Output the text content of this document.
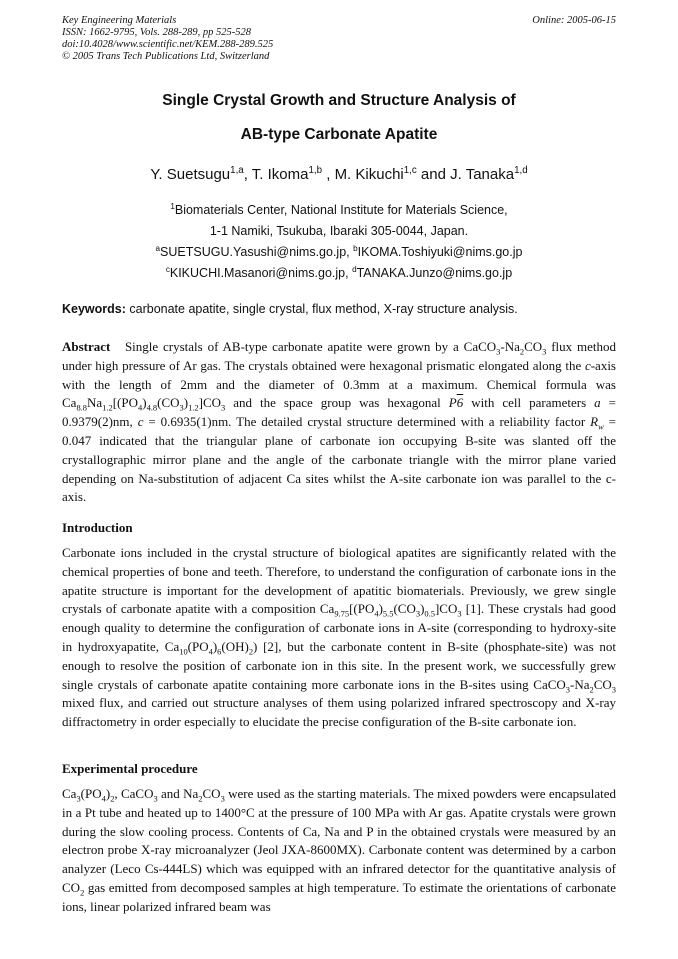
Key Engineering Materials
ISSN: 1662-9795, Vols. 288-289, pp 525-528
doi:10.4028/www.scientific.net/KEM.288-289.525
© 2005 Trans Tech Publications Ltd, Switzerland
Online: 2005-06-15
Single Crystal Growth and Structure Analysis of
AB-type Carbonate Apatite
Y. Suetsugu$^{1,a}$, T. Ikoma$^{1,b}$ , M. Kikuchi$^{1,c}$ and J. Tanaka$^{1,d}$
$^1$Biomaterials Center, National Institute for Materials Science,
1-1 Namiki, Tsukuba, Ibaraki 305-0044, Japan.
$^a$SUETSUGU.Yasushi@nims.go.jp, $^b$IKOMA.Toshiyuki@nims.go.jp
$^c$KIKUCHI.Masanori@nims.go.jp, $^d$TANAKA.Junzo@nims.go.jp
Keywords: carbonate apatite, single crystal, flux method, X-ray structure analysis.
Abstract Single crystals of AB-type carbonate apatite were grown by a $CaCO_3-Na_2CO_3$ flux method under high pressure of Ar gas. The crystals obtained were hexagonal prismatic elongated along the c-axis with the length of 2mm and the diameter of 0.3mm at a maximum. Chemical formula was $Ca_{8.8}Na_{1.2}[(PO_4)_{4.8}(CO_3)_{1.2}]CO_3$ and the space group was hexagonal P6 with cell parameters a = 0.9379(2)nm, c = 0.6935(1)nm. The detailed crystal structure determined with a reliability factor $R_w = 0.047$ indicated that the triangular plane of carbonate ion occupying B-site was slanted off the crystallographic mirror plane and the angle of the carbonate triangle with the mirror plane varied depending on Na-substitution of adjacent Ca sites whilst the A-site carbonate ion was parallel to the c-axis.
Introduction
Carbonate ions included in the crystal structure of biological apatites are significantly related with the chemical properties of bone and teeth. Therefore, to understand the configuration of carbonate ions in the apatite structure is important for the development of apatitic biomaterials. Previously, we grew single crystals of carbonate apatite with a composition $Ca_{9.75}[(PO_4)_{5.5}(CO_3)_{0.5}]CO_3$ [1]. These crystals had good enough quality to determine the configuration of carbonate ions in A-site (corresponding to hydroxy-site in hydroxyapatite, $Ca_{10}(PO_4)_6(OH)_2$) [2], but the carbonate content in B-site (phosphate-site) was not enough to resolve the position of carbonate ion in this site. In the present work, we successfully grew single crystals of carbonate apatite containing more carbonate ions in the B-sites using $CaCO_3-Na_2CO_3$ mixed flux, and carried out structure analyses of them using polarized infrared spectroscopy and X-ray diffractometry in order especially to elucidate the precise configuration of the B-site carbonate ion.
Experimental procedure
$Ca_3(PO_4)_2$, CaCO$_3$ and $Na_2CO_3$ were used as the starting materials. The mixed powders were encapsulated in a Pt tube and heated up to 1400°C at the pressure of 100 MPa with Ar gas. Apatite crystals were grown during the slow cooling process. Contents of Ca, Na and P in the obtained crystals were measured by an electron probe X-ray microanalyzer (Jeol JXA-8600MX). Carbonate content was determined by a carbon analyzer (Leco Cs-444LS) which was equipped with an infrared detector for the quantitative analysis of $CO_2$ gas emitted from decomposed samples at high temperature. To estimate the orientations of carbonate ions, linear polarized infrared beam was
